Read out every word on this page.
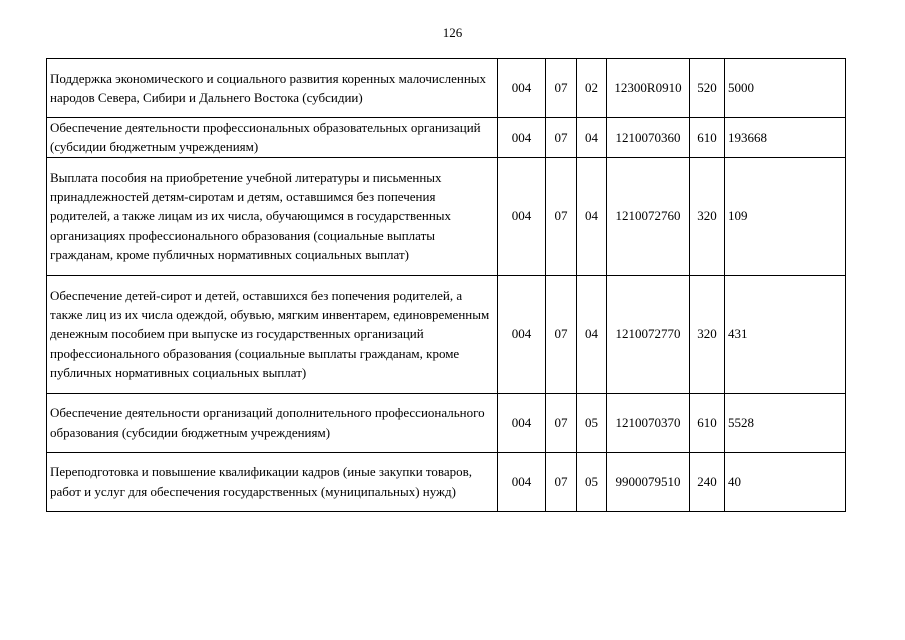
126
Поддержка экономического и социального развития коренных малочисленных народов Севера, Сибири и Дальнего Востока (субсидии)	004	07	02	12300R0910	520	5000
Обеспечение деятельности профессиональных образовательных организаций (субсидии бюджетным учреждениям)	004	07	04	1210070360	610	193668
Выплата пособия на приобретение учебной литературы и письменных принадлежностей детям-сиротам и детям, оставшимся без попечения родителей, а также лицам из их числа, обучающимся в государственных организациях профессионального образования (социальные выплаты гражданам, кроме публичных нормативных социальных выплат)	004	07	04	1210072760	320	109
Обеспечение детей-сирот и детей, оставшихся без попечения родителей, а также лиц из их числа одеждой, обувью, мягким инвентарем, единовременным денежным пособием при выпуске из государственных организаций профессионального образования (социальные выплаты гражданам, кроме публичных нормативных социальных выплат)	004	07	04	1210072770	320	431
Обеспечение деятельности организаций дополнительного профессионального образования (субсидии бюджетным учреждениям)	004	07	05	1210070370	610	5528
Переподготовка и повышение квалификации кадров (иные закупки товаров, работ и услуг для обеспечения государственных (муниципальных) нужд)	004	07	05	9900079510	240	40
